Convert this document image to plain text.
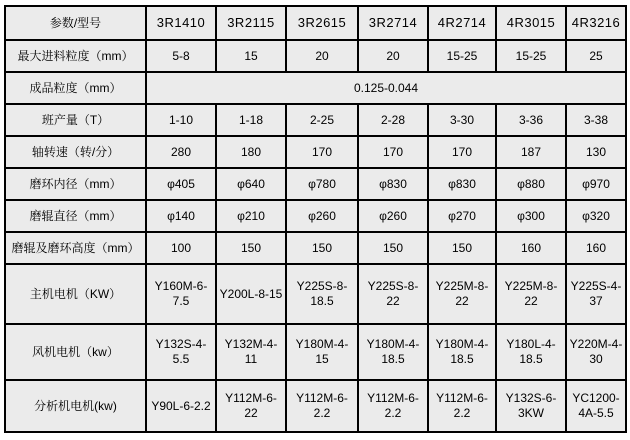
参数/型号	3R1410	3R2115	3R2615	3R2714	4R2714	4R3015	4R3216
最大进料粒度（mm）	5-8	15	20	20	15-25	15-25	25
成品粒度（mm）	0.125-0.044						
班产量（T）	1-10	1-18	2-25	2-28	3-30	3-36	3-38
轴转速（转/分）	280	180	170	170	170	187	130
磨环内径（mm）	φ405	φ640	φ780	φ830	φ830	φ880	φ970
磨辊直径（mm）	φ140	φ210	φ260	φ260	φ270	φ300	φ320
磨辊及磨环高度（mm）	100	150	150	150	150	160	160
主机电机（KW）	Y160M-6-7.5	Y200L-8-15	Y225S-8-18.5	Y225S-8-22	Y225M-8-22	Y225M-8-22	Y225S-4-37
风机电机（kw）	Y132S-4-5.5	Y132M-4-11	Y180M-4-15	Y180M-4-18.5	Y180M-4-18.5	Y180L-4-18.5	Y220M-4-30
分析机电机(kw)	Y90L-6-2.2	Y112M-6-22	Y112M-6-2.2	Y112M-6-2.2	Y112M-6-2.2	Y132S-6-3KW	YC1200-4A-5.5
